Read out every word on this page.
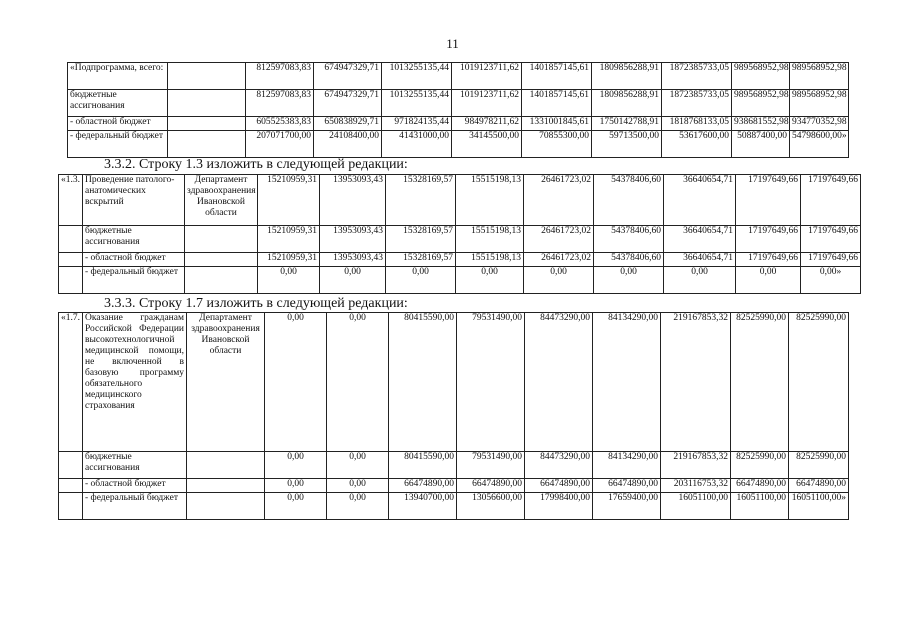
11
«Подпрограмма, всего:		812597083,83	674947329,71	1013255135,44	1019123711,62	1401857145,61	1809856288,91	1872385733,05	989568952,98	989568952,98
бюджетные ассигнования		812597083,83	674947329,71	1013255135,44	1019123711,62	1401857145,61	1809856288,91	1872385733,05	989568952,98	989568952,98
- областной бюджет		605525383,83	650838929,71	971824135,44	984978211,62	1331001845,61	1750142788,91	1818768133,05	938681552,98	934770352,98
- федеральный бюджет		207071700,00	24108400,00	41431000,00	34145500,00	70855300,00	59713500,00	53617600,00	50887400,00	54798600,00»
3.3.2. Строку 1.3 изложить в следующей редакции:
«1.3.	Проведение патолого-анатомических вскрытий	Департамент здравоохранения Ивановской области	15210959,31	13953093,43	15328169,57	15515198,13	26461723,02	54378406,60	36640654,71	17197649,66	17197649,66
	бюджетные ассигнования		15210959,31	13953093,43	15328169,57	15515198,13	26461723,02	54378406,60	36640654,71	17197649,66	17197649,66
	- областной бюджет		15210959,31	13953093,43	15328169,57	15515198,13	26461723,02	54378406,60	36640654,71	17197649,66	17197649,66
	- федеральный бюджет		0,00	0,00	0,00	0,00	0,00	0,00	0,00	0,00	0,00»
3.3.3. Строку 1.7 изложить в следующей редакции:
«1.7.	Оказание гражданам Российской Федерации высокотехнологичной медицинской помощи, не включенной в базовую программу обязательного медицинского страхования	Департамент здравоохранения Ивановской области	0,00	0,00	80415590,00	79531490,00	84473290,00	84134290,00	219167853,32	82525990,00	82525990,00
	бюджетные ассигнования		0,00	0,00	80415590,00	79531490,00	84473290,00	84134290,00	219167853,32	82525990,00	82525990,00
	- областной бюджет		0,00	0,00	66474890,00	66474890,00	66474890,00	66474890,00	203116753,32	66474890,00	66474890,00
	- федеральный бюджет		0,00	0,00	13940700,00	13056600,00	17998400,00	17659400,00	16051100,00	16051100,00	16051100,00»
